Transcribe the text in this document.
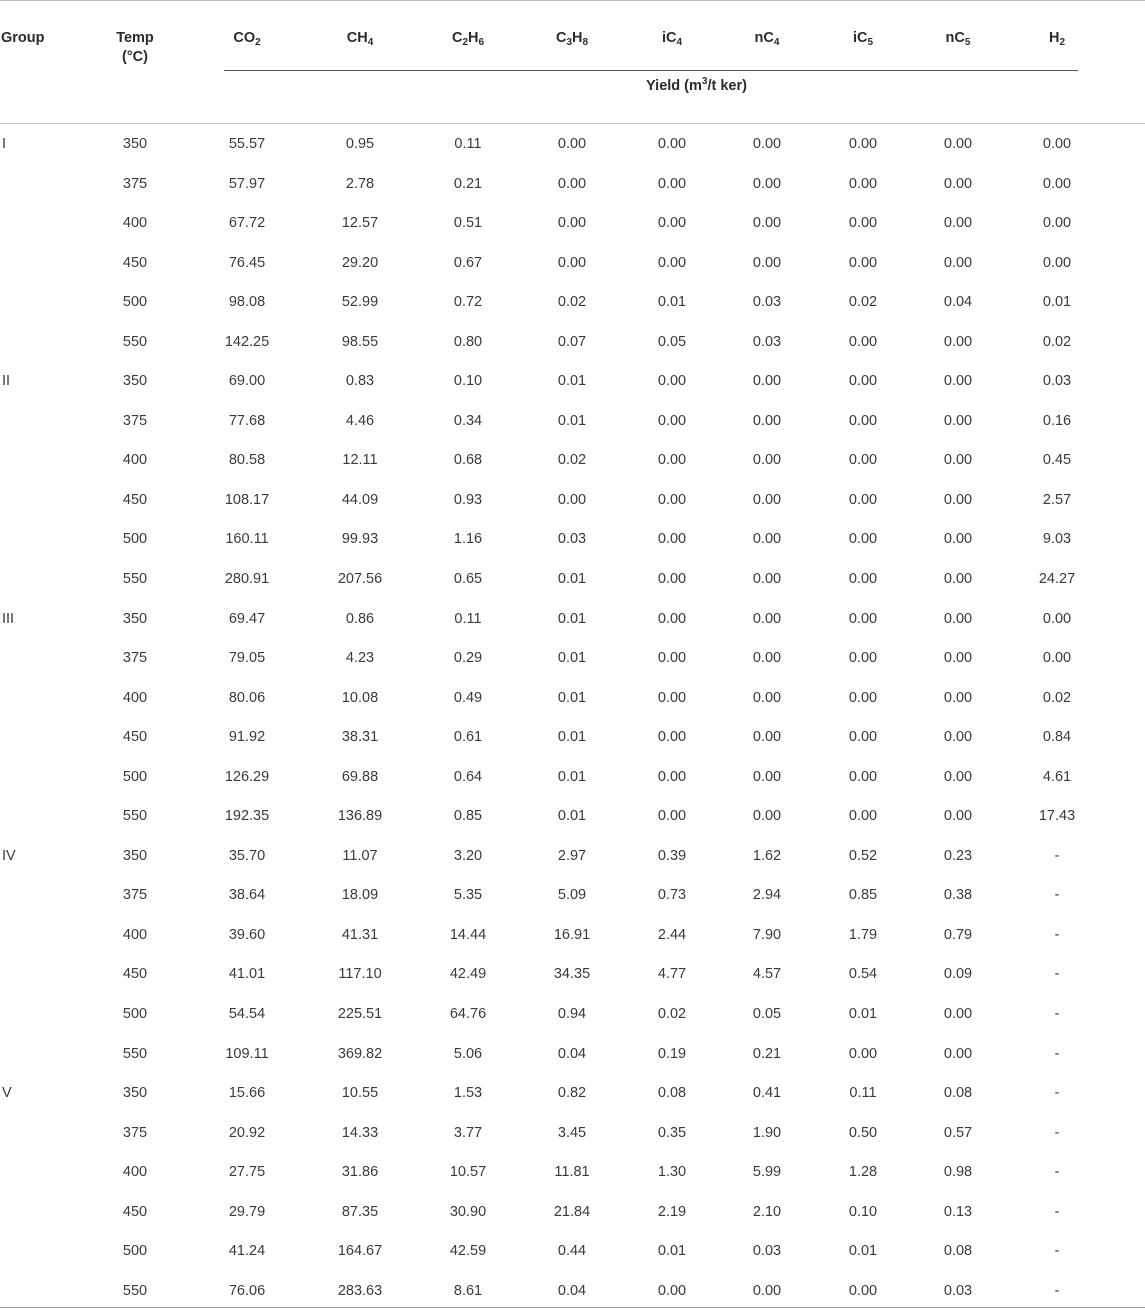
Group	Temp
(°C)
$CO_2$	$CH_4$	$C_2H_6$	$C_3H_8$	$iC_4$	$nC_4$	$iC_5$	$nC_5$	$H_2$
Yield ($m^3/t$ ker)
I	350	55.57	0.95	0.11	0.00	0.00	0.00	0.00	0.00	0.00
375	57.97	2.78	0.21	0.00	0.00	0.00	0.00	0.00	0.00
400	67.72	12.57	0.51	0.00	0.00	0.00	0.00	0.00	0.00
450	76.45	29.20	0.67	0.00	0.00	0.00	0.00	0.00	0.00
500	98.08	52.99	0.72	0.02	0.01	0.03	0.02	0.04	0.01
550	142.25	98.55	0.80	0.07	0.05	0.03	0.00	0.00	0.02
II	350	69.00	0.83	0.10	0.01	0.00	0.00	0.00	0.00	0.03
375	77.68	4.46	0.34	0.01	0.00	0.00	0.00	0.00	0.16
400	80.58	12.11	0.68	0.02	0.00	0.00	0.00	0.00	0.45
450	108.17	44.09	0.93	0.00	0.00	0.00	0.00	0.00	2.57
500	160.11	99.93	1.16	0.03	0.00	0.00	0.00	0.00	9.03
550	280.91	207.56	0.65	0.01	0.00	0.00	0.00	0.00	24.27
III	350	69.47	0.86	0.11	0.01	0.00	0.00	0.00	0.00	0.00
375	79.05	4.23	0.29	0.01	0.00	0.00	0.00	0.00	0.00
400	80.06	10.08	0.49	0.01	0.00	0.00	0.00	0.00	0.02
450	91.92	38.31	0.61	0.01	0.00	0.00	0.00	0.00	0.84
500	126.29	69.88	0.64	0.01	0.00	0.00	0.00	0.00	4.61
550	192.35	136.89	0.85	0.01	0.00	0.00	0.00	0.00	17.43
IV	350	35.70	11.07	3.20	2.97	0.39	1.62	0.52	0.23	-
375	38.64	18.09	5.35	5.09	0.73	2.94	0.85	0.38	-
400	39.60	41.31	14.44	16.91	2.44	7.90	1.79	0.79	-
450	41.01	117.10	42.49	34.35	4.77	4.57	0.54	0.09	-
500	54.54	225.51	64.76	0.94	0.02	0.05	0.01	0.00	-
550	109.11	369.82	5.06	0.04	0.19	0.21	0.00	0.00	-
V	350	15.66	10.55	1.53	0.82	0.08	0.41	0.11	0.08	-
375	20.92	14.33	3.77	3.45	0.35	1.90	0.50	0.57	-
400	27.75	31.86	10.57	11.81	1.30	5.99	1.28	0.98	-
450	29.79	87.35	30.90	21.84	2.19	2.10	0.10	0.13	-
500	41.24	164.67	42.59	0.44	0.01	0.03	0.01	0.08	-
550	76.06	283.63	8.61	0.04	0.00	0.00	0.00	0.03	-
